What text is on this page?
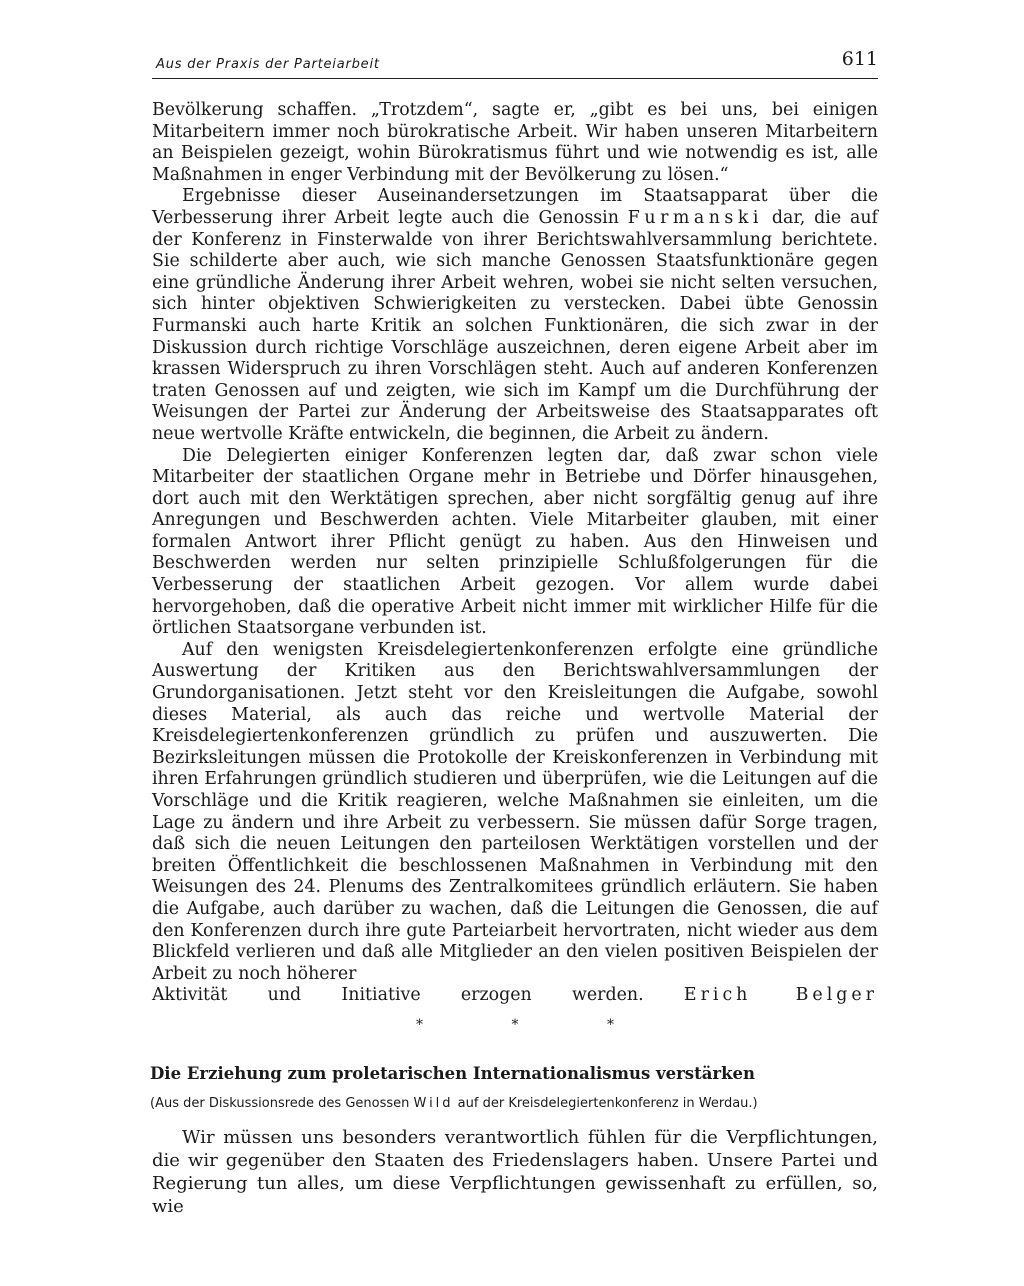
Aus der Praxis der Parteiarbeit	611

Bevölkerung schaffen. „Trotzdem“, sagte er, „gibt es bei uns, bei einigen Mitarbeitern immer noch bürokratische Arbeit. Wir haben unseren Mitarbeitern an Beispielen gezeigt, wohin Bürokratismus führt und wie notwendig es ist, alle Maßnahmen in enger Verbindung mit der Bevölkerung zu lösen.“

Ergebnisse dieser Auseinandersetzungen im Staatsapparat über die Verbesserung ihrer Arbeit legte auch die Genossin Furmanski dar, die auf der Konferenz in Finsterwalde von ihrer Berichtswahlversammlung berichtete. Sie schilderte aber auch, wie sich manche Genossen Staatsfunktionäre gegen eine gründliche Änderung ihrer Arbeit wehren, wobei sie nicht selten versuchen, sich hinter objektiven Schwierigkeiten zu verstecken. Dabei übte Genossin Furmanski auch harte Kritik an solchen Funktionären, die sich zwar in der Diskussion durch richtige Vorschläge auszeichnen, deren eigene Arbeit aber im krassen Widerspruch zu ihren Vorschlägen steht. Auch auf anderen Konferenzen traten Genossen auf und zeigten, wie sich im Kampf um die Durchführung der Weisungen der Partei zur Änderung der Arbeitsweise des Staatsapparates oft neue wertvolle Kräfte entwickeln, die beginnen, die Arbeit zu ändern.

Die Delegierten einiger Konferenzen legten dar, daß zwar schon viele Mitarbeiter der staatlichen Organe mehr in Betriebe und Dörfer hinausgehen, dort auch mit den Werktätigen sprechen, aber nicht sorgfältig genug auf ihre Anregungen und Beschwerden achten. Viele Mitarbeiter glauben, mit einer formalen Antwort ihrer Pflicht genügt zu haben. Aus den Hinweisen und Beschwerden werden nur selten prinzipielle Schlußfolgerungen für die Verbesserung der staatlichen Arbeit gezogen. Vor allem wurde dabei hervorgehoben, daß die operative Arbeit nicht immer mit wirklicher Hilfe für die örtlichen Staatsorgane verbunden ist.

Auf den wenigsten Kreisdelegiertenkonferenzen erfolgte eine gründliche Auswertung der Kritiken aus den Berichtswahlversammlungen der Grundorganisationen. Jetzt steht vor den Kreisleitungen die Aufgabe, sowohl dieses Material, als auch das reiche und wertvolle Material der Kreisdelegiertenkonferenzen gründlich zu prüfen und auszuwerten. Die Bezirksleitungen müssen die Protokolle der Kreiskonferenzen in Verbindung mit ihren Erfahrungen gründlich studieren und überprüfen, wie die Leitungen auf die Vorschläge und die Kritik reagieren, welche Maßnahmen sie einleiten, um die Lage zu ändern und ihre Arbeit zu verbessern. Sie müssen dafür Sorge tragen, daß sich die neuen Leitungen den parteilosen Werktätigen vorstellen und der breiten Öffentlichkeit die beschlossenen Maßnahmen in Verbindung mit den Weisungen des 24. Plenums des Zentralkomitees gründlich erläutern. Sie haben die Aufgabe, auch darüber zu wachen, daß die Leitungen die Genossen, die auf den Konferenzen durch ihre gute Parteiarbeit hervortraten, nicht wieder aus dem Blickfeld verlieren und daß alle Mitglieder an den vielen positiven Beispielen der Arbeit zu noch höherer

Aktivität und Initiative erzogen werden. Erich Belger

* * *
Die Erziehung zum proletarischen Internationalismus verstärken
(Aus der Diskussionsrede des Genossen Wild auf der Kreisdelegiertenkonferenz in Werdau.)

Wir müssen uns besonders verantwortlich fühlen für die Verpflichtungen, die wir gegenüber den Staaten des Friedenslagers haben. Unsere Partei und Regierung tun alles, um diese Verpflichtungen gewissenhaft zu erfüllen, so, wie
